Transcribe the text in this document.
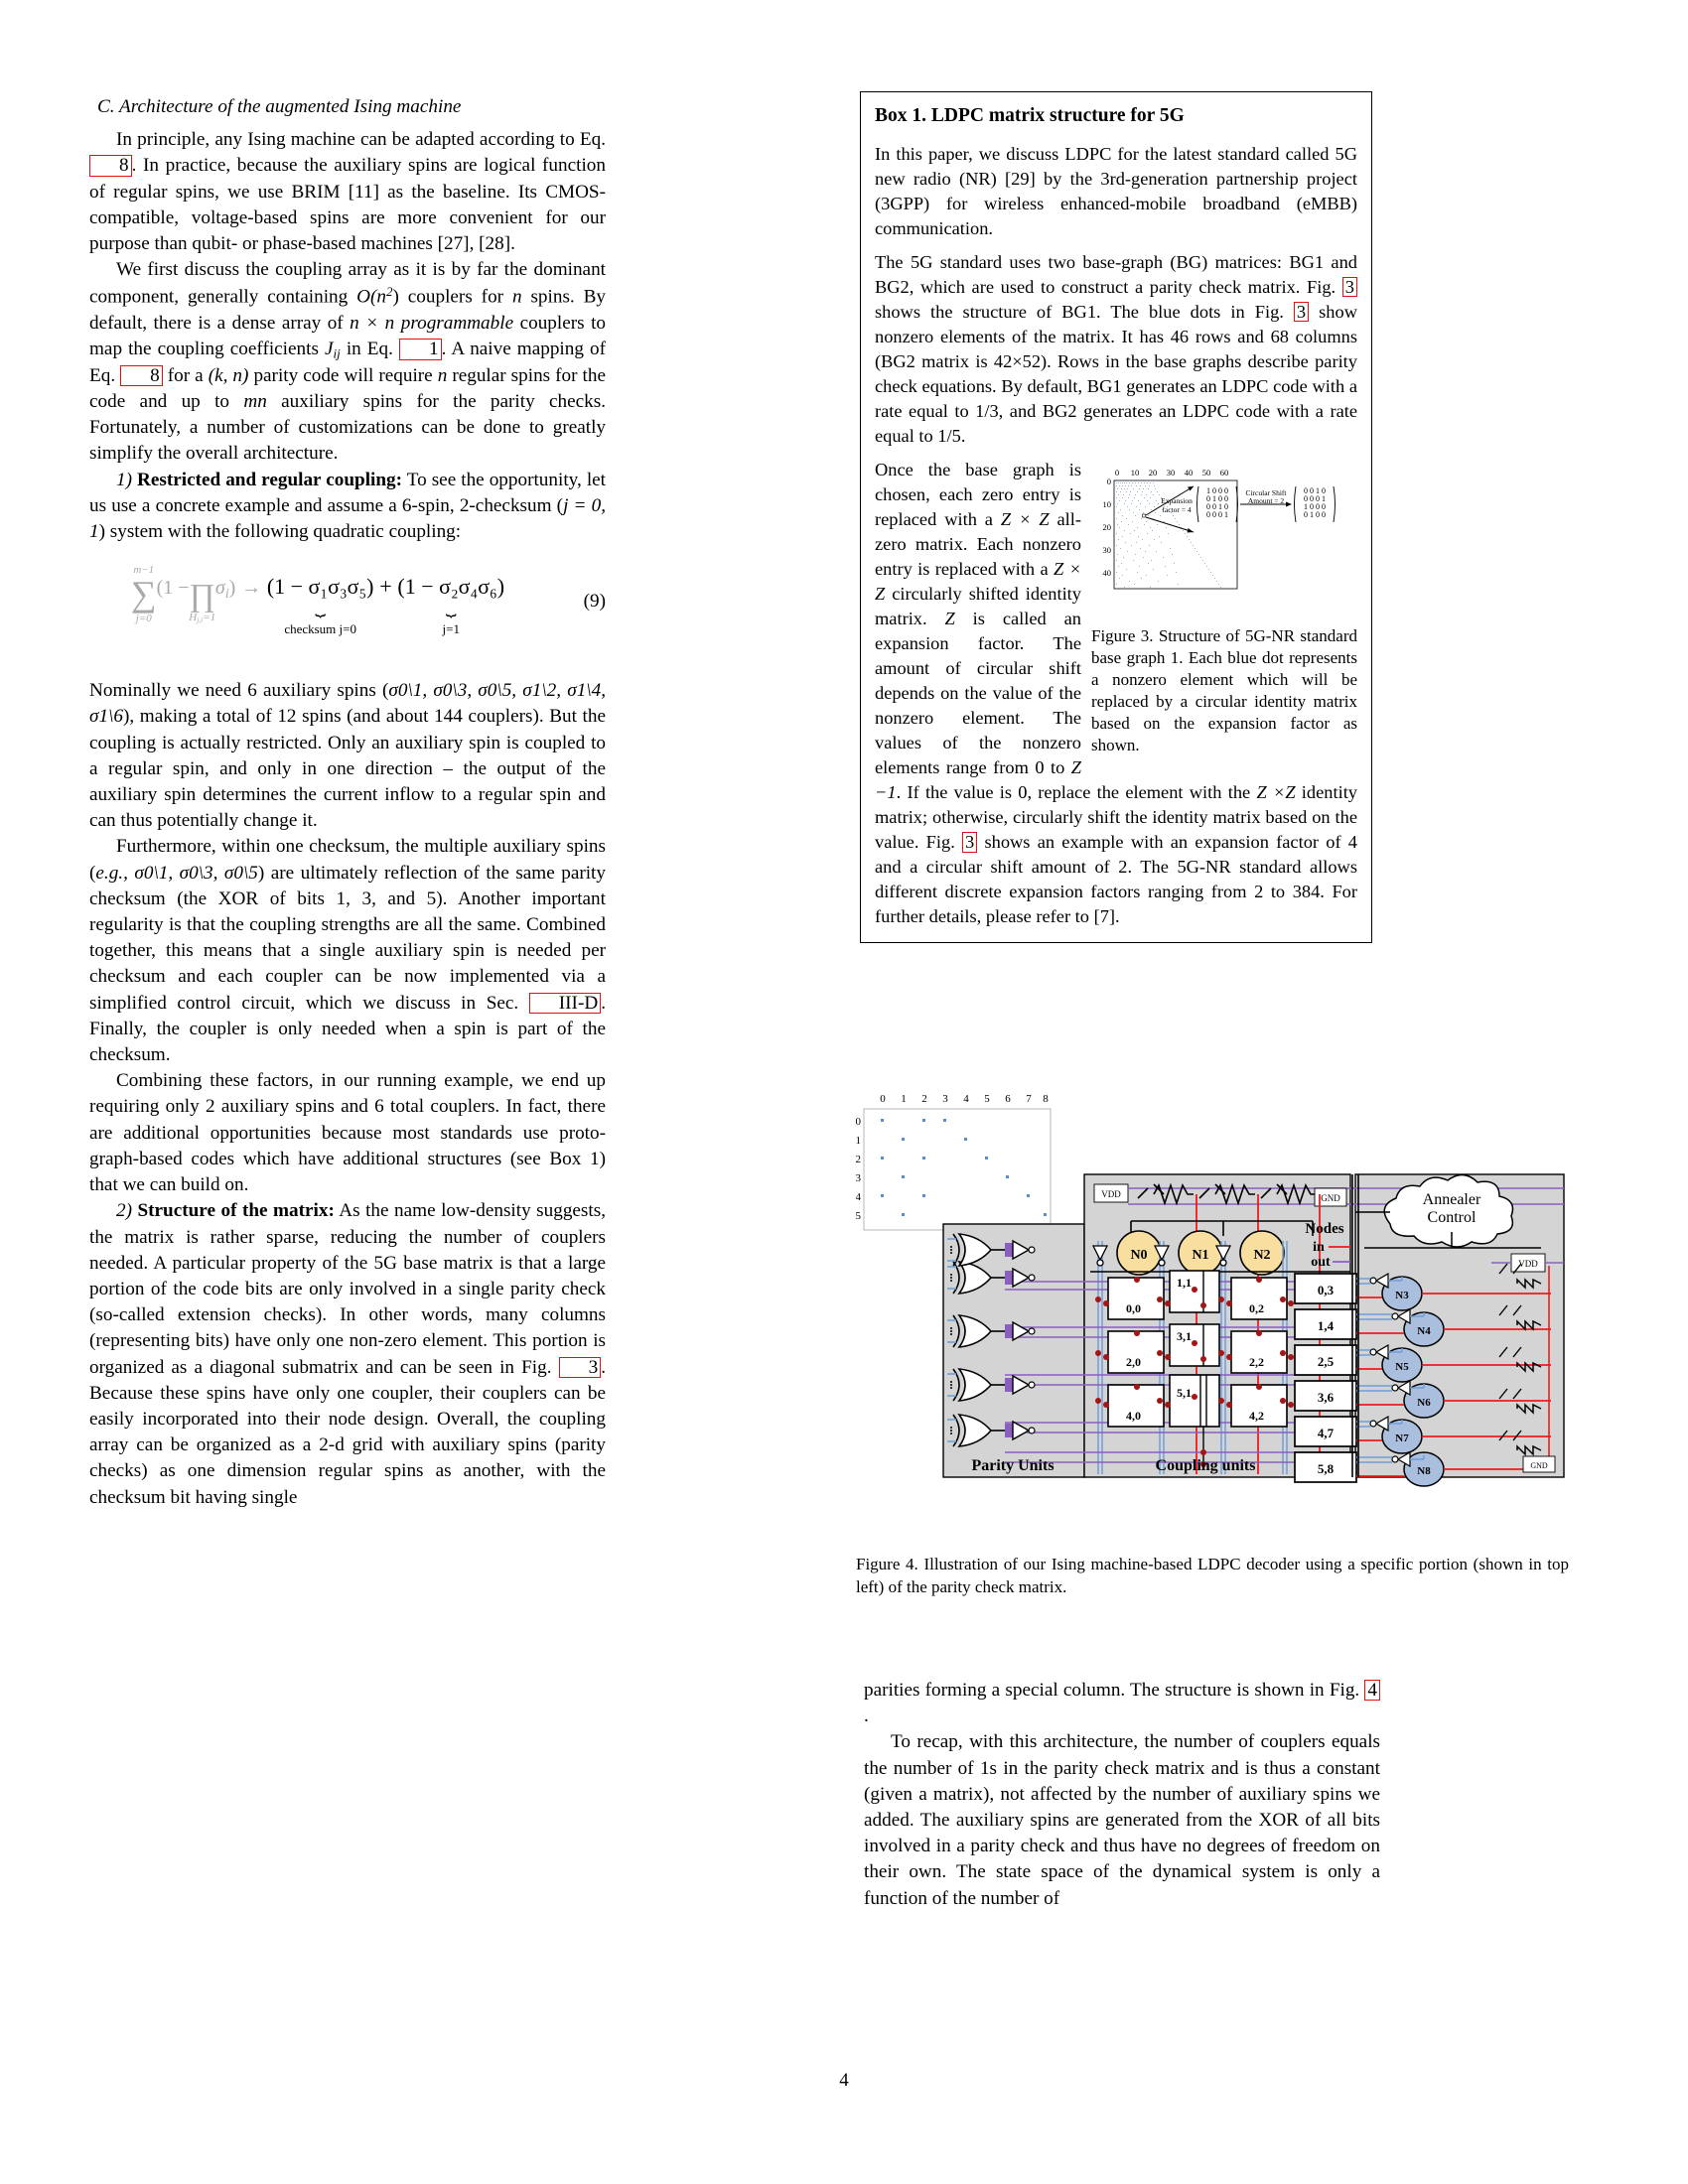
C. Architecture of the augmented Ising machine

In principle, any Ising machine can be adapted according to Eq. 8 . In practice, because the auxiliary spins are logical function of regular spins, we use BRIM [11] as the baseline. Its CMOS-compatible, voltage-based spins are more convenient for our purpose than qubit- or phase-based machines [27], [28].

We first discuss the coupling array as it is by far the dominant component, generally containing $O(n^2)$ couplers for n spins. By default, there is a dense array of n × n programmable couplers to map the coupling coefficients $J_{ij}$ in Eq. 1 . A naive mapping of Eq. 8 for a (k, n) parity code will require n regular spins for the code and up to mn auxiliary spins for the parity checks. Fortunately, a number of customizations can be done to greatly simplify the overall architecture.

1) Restricted and regular coupling: To see the opportunity, let us use a concrete example and assume a 6-spin, 2-checksum (j = 0, 1) system with the following quadratic coupling:

∑
m−1
j=0
(1 −∏
$H_{j,i}=1$
$\sigma_i) \to (1 - \sigma_1\sigma_3\sigma_5)$
⏟
checksum j=0
+ (1 − σ₂σ₄σ₆)
⏟
j=1
(9)

Nominally we need 6 auxiliary spins (σ0\1, σ0\3, σ0\5, σ1\2, σ1\4, σ1\6), making a total of 12 spins (and about 144 couplers). But the coupling is actually restricted. Only an auxiliary spin is coupled to a regular spin, and only in one direction – the output of the auxiliary spin determines the current inflow to a regular spin and can thus potentially change it.

Furthermore, within one checksum, the multiple auxiliary spins (e.g., σ0\1, σ0\3, σ0\5) are ultimately reflection of the same parity checksum (the XOR of bits 1, 3, and 5). Another important regularity is that the coupling strengths are all the same. Combined together, this means that a single auxiliary spin is needed per checksum and each coupler can be now implemented via a simplified control circuit, which we discuss in Sec. III-D . Finally, the coupler is only needed when a spin is part of the checksum.

Combining these factors, in our running example, we end up requiring only 2 auxiliary spins and 6 total couplers. In fact, there are additional opportunities because most standards use proto-graph-based codes which have additional structures (see Box 1) that we can build on.

2) Structure of the matrix: As the name low-density suggests, the matrix is rather sparse, reducing the number of couplers needed. A particular property of the 5G base matrix is that a large portion of the code bits are only involved in a single parity check (so-called extension checks). In other words, many columns (representing bits) have only one non-zero element. This portion is organized as a diagonal submatrix and can be seen in Fig. 3 . Because these spins have only one coupler, their couplers can be easily incorporated into their node design. Overall, the coupling array can be organized as a 2-d grid with auxiliary spins (parity checks) as one dimension regular spins as another, with the checksum bit having single

Box 1. LDPC matrix structure for 5G

In this paper, we discuss LDPC for the latest standard called 5G new radio (NR) [29] by the 3rd-generation partnership project (3GPP) for wireless enhanced-mobile broadband (eMBB) communication.

The 5G standard uses two base-graph (BG) matrices: BG1 and BG2, which are used to construct a parity check matrix. Fig. 3 shows the structure of BG1. The blue dots in Fig. 3 show nonzero elements of the matrix. It has 46 rows and 68 columns (BG2 matrix is 42×52). Rows in the base graphs describe parity check equations. By default, BG1 generates an LDPC code with a rate equal to 1/3, and BG2 generates an LDPC code with a rate equal to 1/5.

0 10 20 30 40 50 60
0
10
20
30
40
1 0 0 0
0 1 0 0
0 0 1 0
0 0 0 1
Expansion
factor = 4
Circular Shift
Amount = 2
0 0 1 0
0 0 0 1
1 0 0 0
0 1 0 0
Figure 3. Structure of 5G-NR standard base graph 1. Each blue dot represents a nonzero element which will be replaced by a circular identity matrix based on the expansion factor as shown.

Once the base graph is chosen, each zero entry is replaced with a Z × Z all-zero matrix. Each nonzero entry is replaced with a Z × Z circularly shifted identity matrix. Z is called an expansion factor. The amount of circular shift depends on the value of the nonzero element. The values of the nonzero elements range from 0 to Z −1. If the value is 0, replace the element with the Z ×Z identity matrix; otherwise, circularly shift the identity matrix based on the value. Fig. 3 shows an example with an expansion factor of 4 and a circular shift amount of 2. The 5G-NR standard allows different discrete expansion factors ranging from 2 to 384. For further details, please refer to [7].

0 1 2 3 4 5 6 7 8
0
1
2
3
4
5
VDD	GND
N0	N1	N2
0,0
1,1
0,2
2,0
3,1
2,2
4,0
5,1
4,2
Nodes
in
out
0,3
1,4
2,5
3,6
4,7
5,8
Annealer
Control
VDD
N3
N4
N5
N6
N7
N8	GND
Parity Units	Coupling units
Figure 4. Illustration of our Ising machine-based LDPC decoder using a specific portion (shown in top left) of the parity check matrix.

parities forming a special column. The structure is shown in Fig. 4.

To recap, with this architecture, the number of couplers equals the number of 1s in the parity check matrix and is thus a constant (given a matrix), not affected by the number of auxiliary spins we added. The auxiliary spins are generated from the XOR of all bits involved in a parity check and thus have no degrees of freedom on their own. The state space of the dynamical system is only a function of the number of

4
